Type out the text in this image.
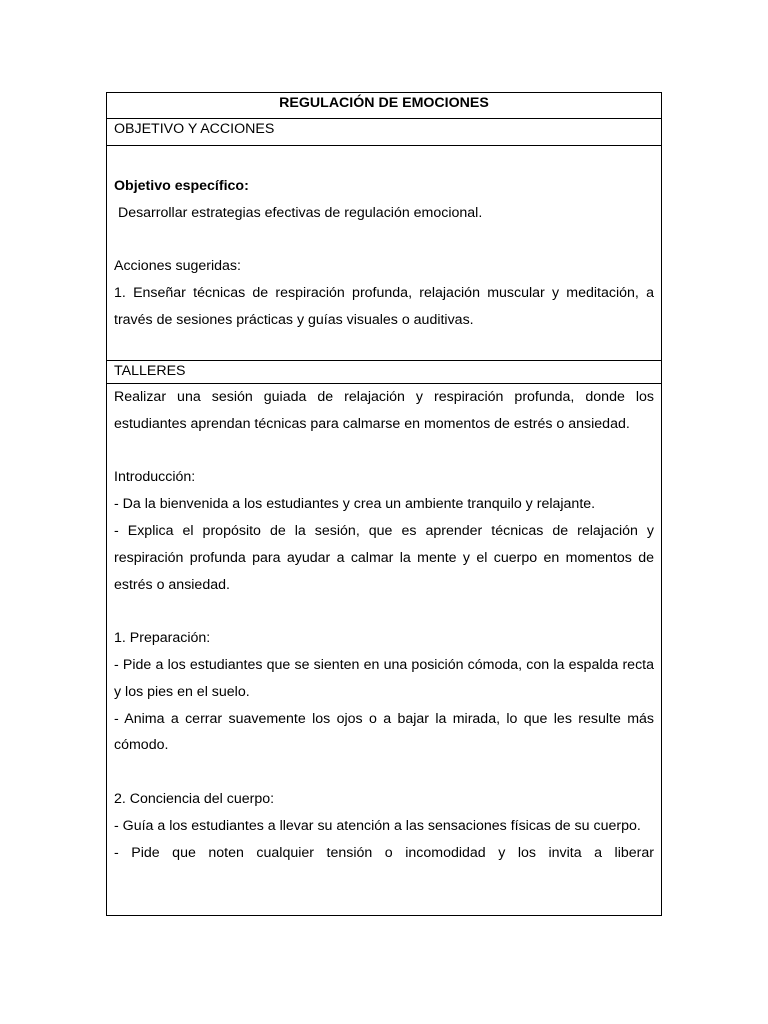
REGULACIÓN DE EMOCIONES
OBJETIVO Y ACCIONES

Objetivo específico:

Desarrollar estrategias efectivas de regulación emocional.

Acciones sugeridas:

1. Enseñar técnicas de respiración profunda, relajación muscular y meditación, a través de sesiones prácticas y guías visuales o auditivas.

TALLERES

Realizar una sesión guiada de relajación y respiración profunda, donde los estudiantes aprendan técnicas para calmarse en momentos de estrés o ansiedad.

Introducción:

- Da la bienvenida a los estudiantes y crea un ambiente tranquilo y relajante.

- Explica el propósito de la sesión, que es aprender técnicas de relajación y respiración profunda para ayudar a calmar la mente y el cuerpo en momentos de estrés o ansiedad.

1. Preparación:

- Pide a los estudiantes que se sienten en una posición cómoda, con la espalda recta y los pies en el suelo.

- Anima a cerrar suavemente los ojos o a bajar la mirada, lo que les resulte más cómodo.

2. Conciencia del cuerpo:

- Guía a los estudiantes a llevar su atención a las sensaciones físicas de su cuerpo.

- Pide que noten cualquier tensión o incomodidad y los invita a liberar
